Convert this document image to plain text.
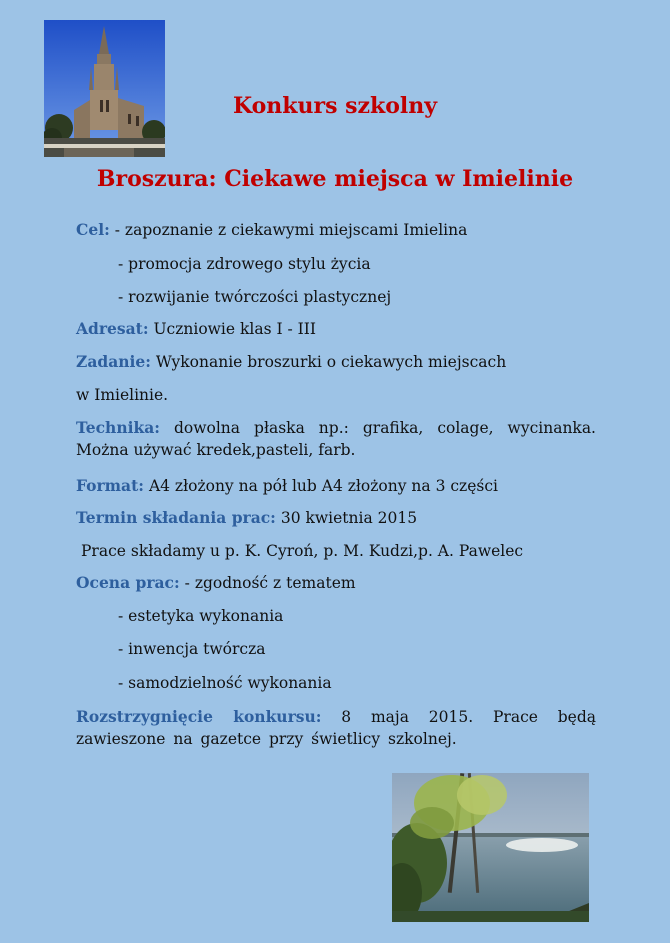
Konkurs szkolny
Broszura: Ciekawe miejsca w Imielinie
Cel: - zapoznanie z ciekawymi miejscami Imielina
- promocja zdrowego stylu życia
- rozwijanie twórczości plastycznej
Adresat: Uczniowie klas I - III
Zadanie: Wykonanie broszurki o ciekawych miejscach
w Imielinie.
Technika: dowolna płaska np.: grafika, colage, wycinanka. Można używać kredek,pasteli, farb.
Format: A4 złożony na pół lub A4 złożony na 3 części
Termin składania prac: 30 kwietnia 2015
Prace składamy u p. K. Cyroń, p. M. Kudzi,p. A. Pawelec
Ocena prac: - zgodność z tematem
- estetyka wykonania
- inwencja twórcza
- samodzielność wykonania
Rozstrzygnięcie konkursu: 8 maja 2015. Prace będą zawieszone na gazetce przy świetlicy szkolnej.
